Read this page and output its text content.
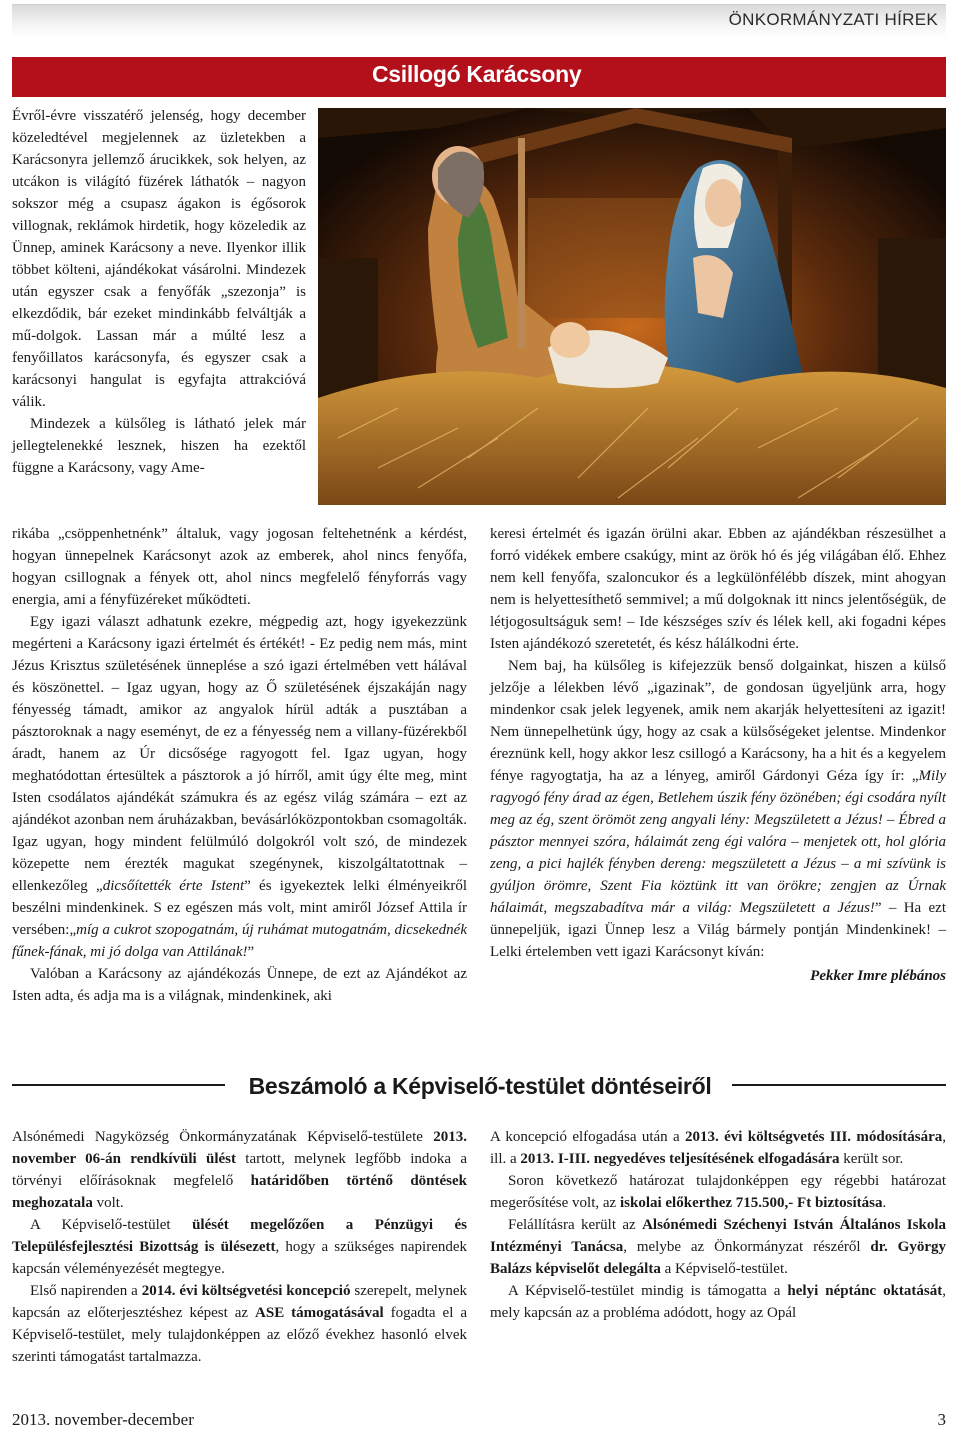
ÖNKORMÁNYZATI HÍREK
Csillogó Karácsony

Évről-évre visszatérő jelenség, hogy december közeledtével megjelennek az üzletekben a Karácsonyra jellemző árucikkek, sok helyen, az utcákon is világító füzérek láthatók – nagyon sokszor még a csupasz ágakon is égősorok villognak, reklámok hirdetik, hogy közeledik az Ünnep, aminek Karácsony a neve. Ilyenkor illik többet költeni, ajándékokat vásárolni. Mindezek után egyszer csak a fenyőfák „szezonja” is elkezdődik, bár ezeket mindinkább felváltják a mű-dolgok. Lassan már a múlté lesz a fenyőillatos karácsonyfa, és egyszer csak a karácsonyi hangulat is egyfajta attrakcióvá válik.

Mindezek a külsőleg is látható jelek már jellegtelenekké lesznek, hiszen ha ezektől függne a Karácsony, vagy Ame-

rikába „csöppenhetnénk” általuk, vagy jogosan feltehetnénk a kérdést, hogyan ünnepelnek Karácsonyt azok az emberek, ahol nincs fenyőfa, hogyan csillognak a fények ott, ahol nincs megfelelő fényforrás vagy energia, ami a fényfüzéreket működteti.

Egy igazi választ adhatunk ezekre, mégpedig azt, hogy igyekezzünk megérteni a Karácsony igazi értelmét és értékét! - Ez pedig nem más, mint Jézus Krisztus születésének ünneplése a szó igazi értelmében vett hálával és köszönettel. – Igaz ugyan, hogy az Ő születésének éjszakáján nagy fényesség támadt, amikor az angyalok hírül adták a pusztában a pásztoroknak a nagy eseményt, de ez a fényesség nem a villany-füzérekből áradt, hanem az Úr dicsősége ragyogott fel. Igaz ugyan, hogy meghatódottan értesültek a pásztorok a jó hírről, amit úgy élte meg, mint Isten csodálatos ajándékát számukra és az egész világ számára – ezt az ajándékot azonban nem áruházakban, bevásárlóközpontokban csomagolták. Igaz ugyan, hogy mindent felülmúló dolgokról volt szó, de mindezek közepette nem érezték magukat szegénynek, kiszolgáltatottnak –ellenkezőleg „dicsőítették érte Istent” és igyekeztek lelki élményeikről beszélni mindenkinek. S ez egészen más volt, mint amiről József Attila ír versében:„míg a cukrot szopogatnám, új ruhámat mutogatnám, dicsekednék fűnek-fának, mi jó dolga van Attilának!”

Valóban a Karácsony az ajándékozás Ünnepe, de ezt az Ajándékot az Isten adta, és adja ma is a világnak, mindenkinek, aki

keresi értelmét és igazán örülni akar. Ebben az ajándékban részesülhet a forró vidékek embere csakúgy, mint az örök hó és jég világában élő. Ehhez nem kell fenyőfa, szaloncukor és a legkülönfélébb díszek, mint ahogyan nem is helyettesíthető semmivel; a mű dolgoknak itt nincs jelentőségük, de létjogosultságuk sem! – Ide készséges szív és lélek kell, aki fogadni képes Isten ajándékozó szeretetét, és kész hálálkodni érte.

Nem baj, ha külsőleg is kifejezzük benső dolgainkat, hiszen a külső jelzője a lélekben lévő „igazinak”, de gondosan ügyeljünk arra, hogy mindenkor csak jelek legyenek, amik nem akarják helyettesíteni az igazit! Nem ünnepelhetünk úgy, hogy az csak a külsőségeket jelentse. Mindenkor éreznünk kell, hogy akkor lesz csillogó a Karácsony, ha a hit és a kegyelem fénye ragyogtatja, ha az a lényeg, amiről Gárdonyi Géza így ír: „Mily ragyogó fény árad az égen, Betlehem úszik fény özönében; égi csodára nyílt meg az ég, szent örömöt zeng angyali lény: Megszületett a Jézus! – Ébred a pásztor mennyei szóra, hálaimát zeng égi valóra – menjetek ott, hol glória zeng, a pici hajlék fényben dereng: megszületett a Jézus – a mi szívünk is gyúljon örömre, Szent Fia köztünk itt van örökre; zengjen az Úrnak hálaimát, megszabadítva már a világ: Megszületett a Jézus!” – Ha ezt ünnepeljük, igazi Ünnep lesz a Világ bármely pontján Mindenkinek! – Lelki értelemben vett igazi Karácsonyt kíván:

Pekker Imre plébános
Beszámoló a Képviselő-testület döntéseiről

Alsónémedi Nagyközség Önkormányzatának Képviselő-testülete 2013. november 06-án rendkívüli ülést tartott, melynek legfőbb indoka a törvényi előírásoknak megfelelő határidőben történő döntések meghozatala volt.

A Képviselő-testület ülését megelőzően a Pénzügyi és Településfejlesztési Bizottság is ülésezett, hogy a szükséges napirendek kapcsán véleményezését megtegye.

Első napirenden a 2014. évi költségvetési koncepció szerepelt, melynek kapcsán az előterjesztéshez képest az ASE támogatásával fogadta el a Képviselő-testület, mely tulajdonképpen az előző évekhez hasonló elvek szerinti támogatást tartalmazza.

A koncepció elfogadása után a 2013. évi költségvetés III. módosítására, ill. a 2013. I-III. negyedéves teljesítésének elfogadására került sor.

Soron következő határozat tulajdonképpen egy régebbi határozat megerősítése volt, az iskolai előkerthez 715.500,- Ft biztosítása.

Felállításra került az Alsónémedi Széchenyi István Általános Iskola Intézményi Tanácsa, melybe az Önkormányzat részéről dr. György Balázs képviselőt delegálta a Képviselő-testület.

A Képviselő-testület mindig is támogatta a helyi néptánc oktatását, mely kapcsán az a probléma adódott, hogy az Opál

2013. november-december	3
